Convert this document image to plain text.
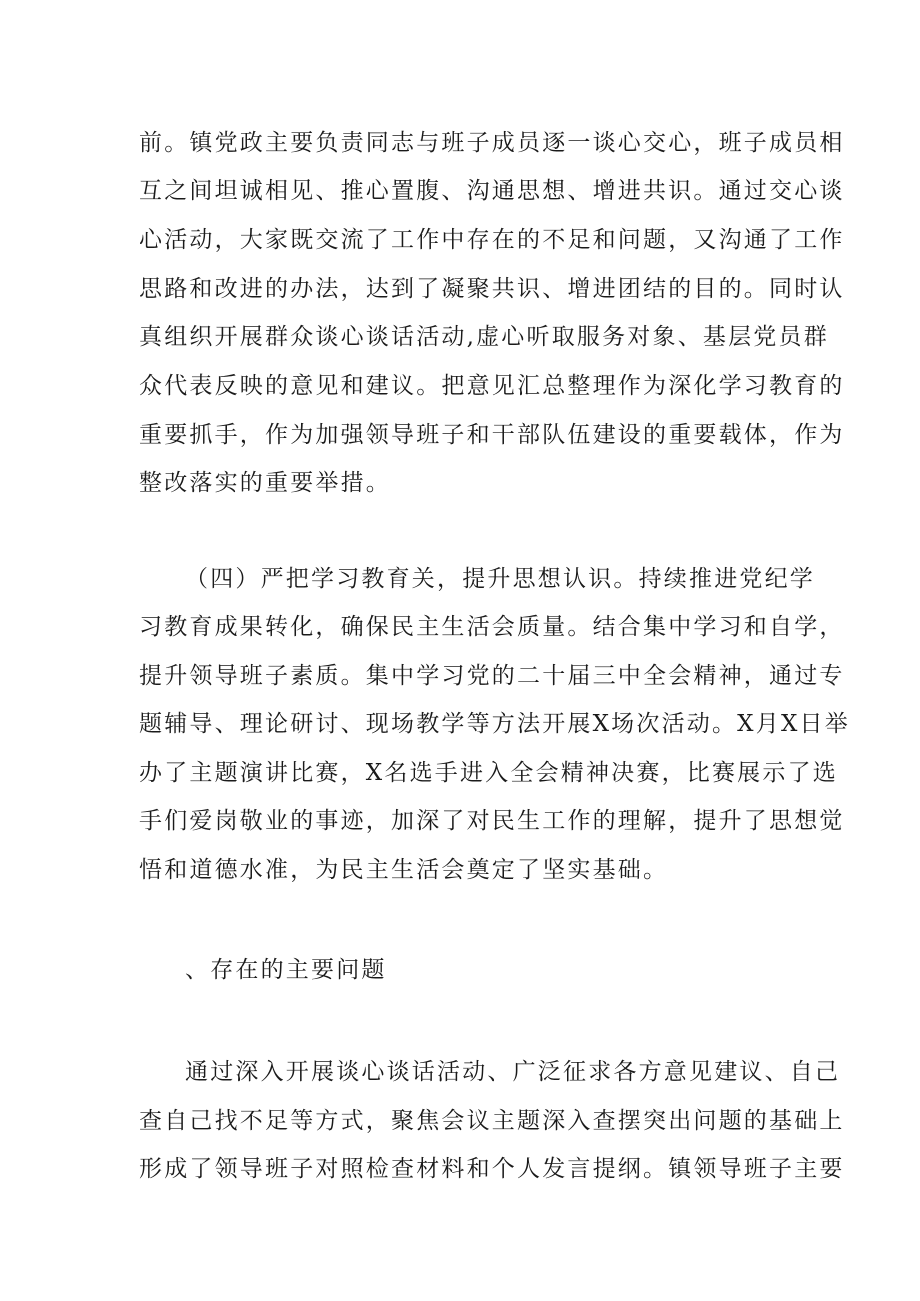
前。镇党政主要负责同志与班子成员逐一谈心交心，班子成员相
互之间坦诚相见、推心置腹、沟通思想、增进共识。通过交心谈
心活动，大家既交流了工作中存在的不足和问题，又沟通了工作
思路和改进的办法，达到了凝聚共识、增进团结的目的。同时认
真组织开展群众谈心谈话活动,虚心听取服务对象、基层党员群
众代表反映的意见和建议。把意见汇总整理作为深化学习教育的
重要抓手，作为加强领导班子和干部队伍建设的重要载体，作为
整改落实的重要举措。
（四）严把学习教育关，提升思想认识。持续推进党纪学
习教育成果转化，确保民主生活会质量。结合集中学习和自学，
提升领导班子素质。集中学习党的二十届三中全会精神，通过专
题辅导、理论研讨、现场教学等方法开展X场次活动。X月X日举
办了主题演讲比赛，X名选手进入全会精神决赛，比赛展示了选
手们爱岗敬业的事迹，加深了对民生工作的理解，提升了思想觉
悟和道德水准，为民主生活会奠定了坚实基础。
、存在的主要问题
通过深入开展谈心谈话活动、广泛征求各方意见建议、自己
查自己找不足等方式，聚焦会议主题深入查摆突出问题的基础上
形成了领导班子对照检查材料和个人发言提纲。镇领导班子主要
